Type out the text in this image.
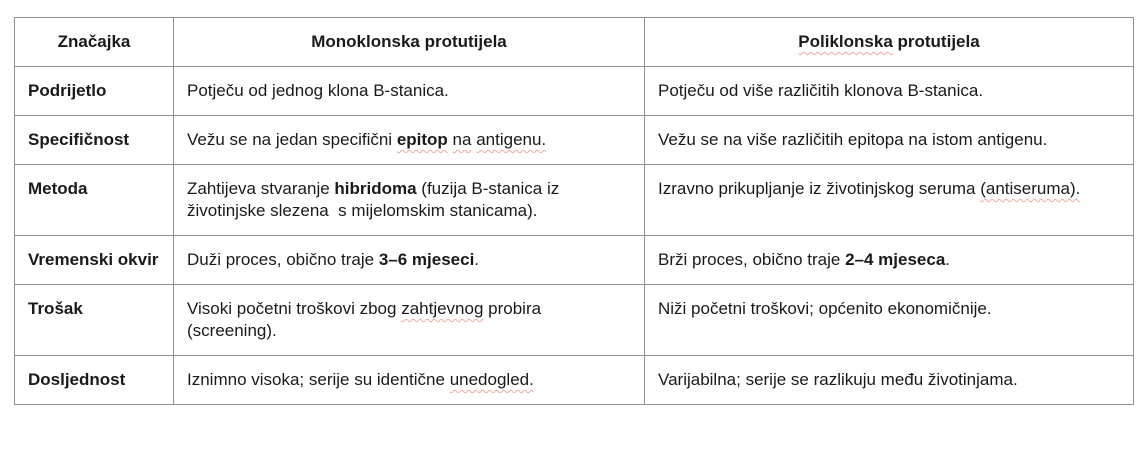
Značajka	Monoklonska protutijela	Poliklonska protutijela
Podrijetlo	Potječu od jednog klona B-stanica.	Potječu od više različitih klonova B-stanica.
Specifičnost	Vežu se na jedan specifični epitop na antigenu.	Vežu se na više različitih epitopa na istom antigenu.
Metoda	Zahtijeva stvaranje hibridoma (fuzija B-stanica iz životinjske slezena  s mijelomskim stanicama).	Izravno prikupljanje iz životinjskog seruma (antiseruma).
Vremenski okvir	Duži proces, obično traje 3–6 mjeseci.	Brži proces, obično traje 2–4 mjeseca.
Trošak	Visoki početni troškovi zbog zahtjevnog probira (screening).	Niži početni troškovi; općenito ekonomičnije.
Dosljednost	Iznimno visoka; serije su identične unedogled.	Varijabilna; serije se razlikuju među životinjama.
